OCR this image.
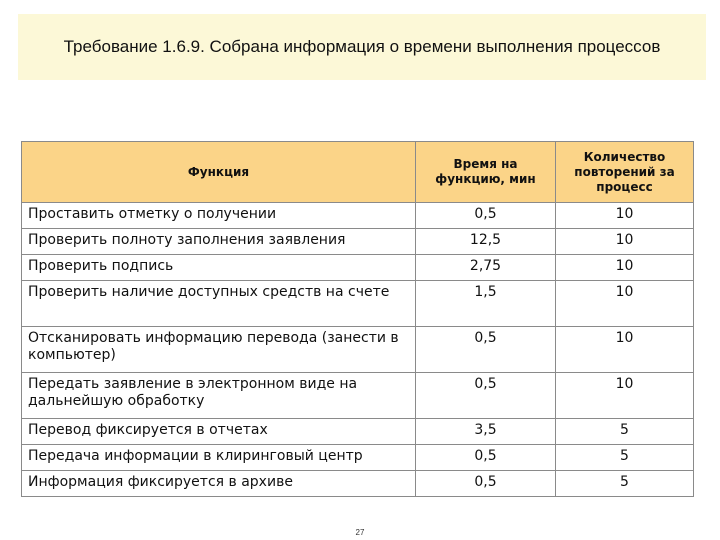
Требование 1.6.9. Собрана информация о времени выполнения процессов
Функция	Время на функцию, мин	Количество повторений за процесс
Проставить отметку о получении	0,5	10
Проверить полноту заполнения заявления	12,5	10
Проверить подпись	2,75	10
Проверить наличие доступных средств на счете	1,5	10
Отсканировать информацию перевода (занести в компьютер)	0,5	10
Передать заявление в электронном виде на дальнейшую обработку	0,5	10
Перевод фиксируется в отчетах	3,5	5
Передача информации в клиринговый центр	0,5	5
Информация фиксируется в архиве	0,5	5
27
